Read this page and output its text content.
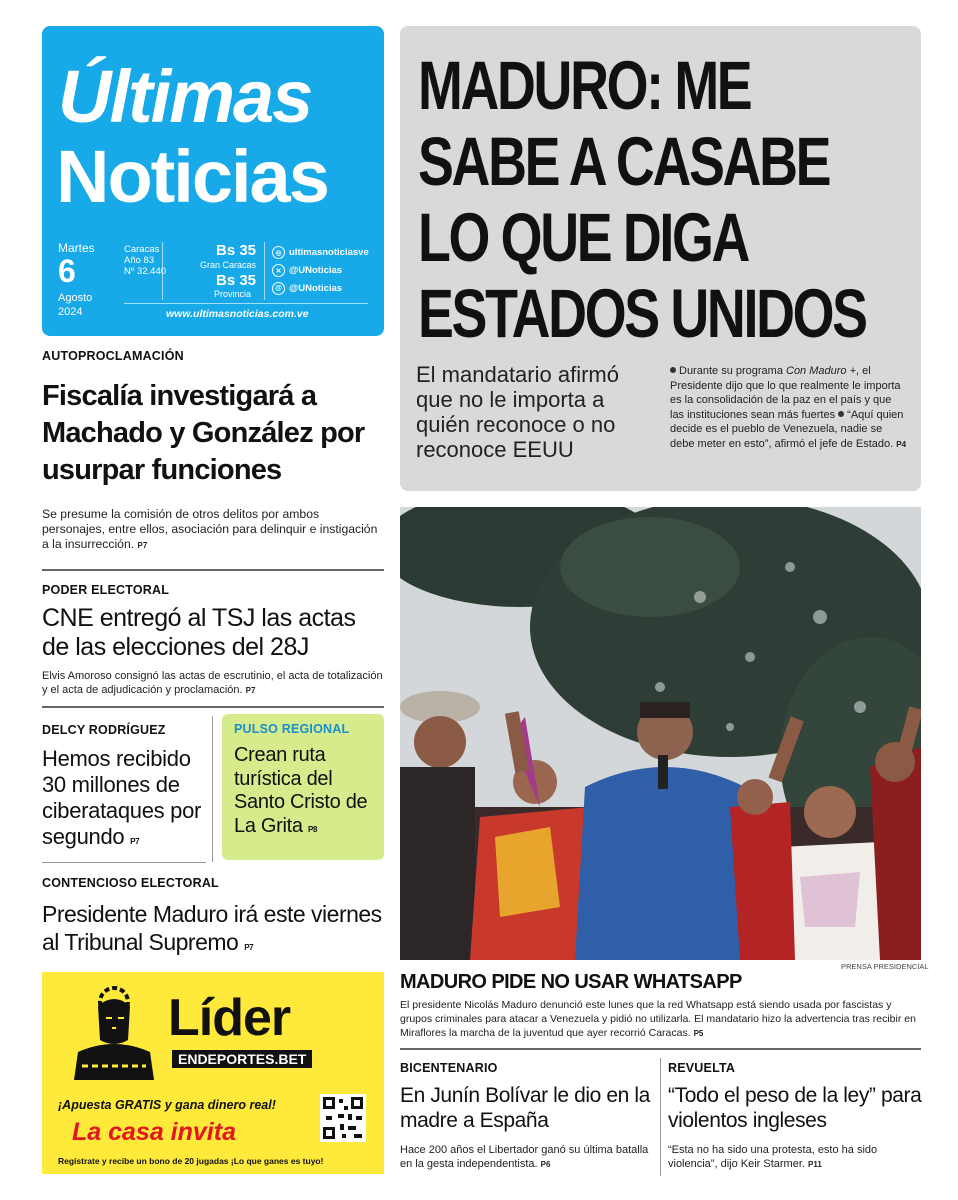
Últimas
Noticias
Martes
6
Agosto
2024
Caracas
Año 83
Nº 32.440
Bs 35
Gran Caracas
Bs 35
Provincia
◎ ultimasnoticiasve
✕ @UNoticias
@ @UNoticias
www.ultimasnoticias.com.ve
MADURO: ME
SABE A CASABE
LO QUE DIGA
ESTADOS UNIDOS
El mandatario afirmó que no le importa a quién reconoce o no reconoce EEUU
Durante su programa Con Maduro +, el Presidente dijo que lo que realmente le importa es la consolidación de la paz en el país y que las instituciones sean más fuertes “Aquí quien decide es el pueblo de Venezuela, nadie se debe meter en esto”, afirmó el jefe de Estado. P4
AUTOPROCLAMACIÓN
Fiscalía investigará a Machado y González por usurpar funciones
Se presume la comisión de otros delitos por ambos personajes, entre ellos, asociación para delinquir e instigación a la insurrección. P7
PODER ELECTORAL
CNE entregó al TSJ las actas de las elecciones del 28J
Elvis Amoroso consignó las actas de escrutinio, el acta de totalización y el acta de adjudicación y proclamación. P7
DELCY RODRÍGUEZ
Hemos recibido 30 millones de ciberataques por segundo P7
PULSO REGIONAL
Crean ruta turística del Santo Cristo de La Grita P8
CONTENCIOSO ELECTORAL
Presidente Maduro irá este viernes al Tribunal Supremo P7
PRENSA PRESIDENCIAL
MADURO PIDE NO USAR WHATSAPP
El presidente Nicolás Maduro denunció este lunes que la red Whatsapp está siendo usada por fascistas y grupos criminales para atacar a Venezuela y pidió no utilizarla. El mandatario hizo la advertencia tras recibir en Miraflores la marcha de la juventud que ayer recorrió Caracas. P5
BICENTENARIO
En Junín Bolívar le dio en la madre a España
Hace 200 años el Libertador ganó su última batalla en la gesta independentista. P6
REVUELTA
“Todo el peso de la ley” para violentos ingleses
“Esta no ha sido una protesta, esto ha sido violencia”, dijo Keir Starmer. P11
Líder
ENDEPORTES.BET
¡Apuesta GRATIS y gana dinero real!
La casa invita
Regístrate y recibe un bono de 20 jugadas ¡Lo que ganes es tuyo!
